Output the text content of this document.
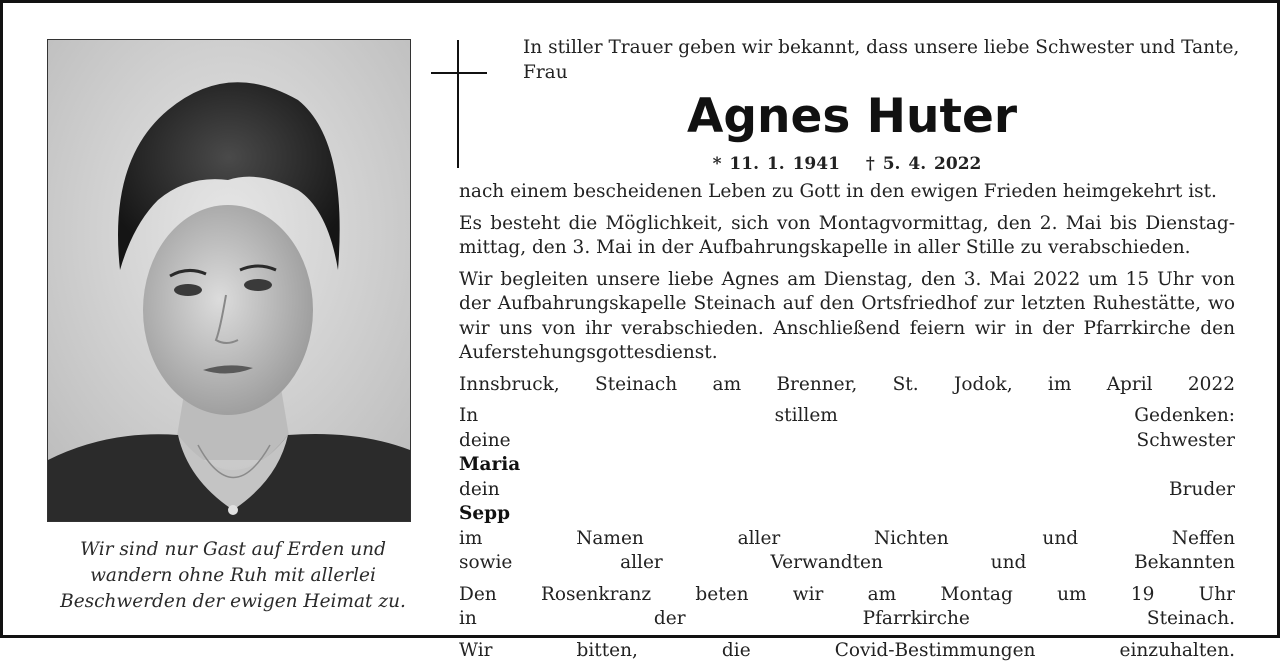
Wir sind nur Gast auf Erden und
wandern ohne Ruh mit allerlei
Beschwerden der ewigen Heimat zu.
In stiller Trauer geben wir bekannt, dass unsere liebe Schwester und Tante,
Frau
Agnes Huter
* 11. 1. 1941 † 5. 4. 2022
nach einem bescheidenen Leben zu Gott in den ewigen Frieden heimgekehrt ist.
Es besteht die Möglichkeit, sich von Montagvormittag, den 2. Mai bis Dienstag-
mittag, den 3. Mai in der Aufbahrungskapelle in aller Stille zu verabschieden.
Wir begleiten unsere liebe Agnes am Dienstag, den 3. Mai 2022 um 15 Uhr von
der Aufbahrungskapelle Steinach auf den Ortsfriedhof zur letzten Ruhestätte, wo
wir uns von ihr verabschieden. Anschließend feiern wir in der Pfarrkirche den
Auferstehungsgottesdienst.
Innsbruck, Steinach am Brenner, St. Jodok, im April 2022
In stillem Gedenken:
deine Schwester
Maria
dein Bruder
Sepp
im Namen aller Nichten und Neffen
sowie aller Verwandten und Bekannten
Den Rosenkranz beten wir am Montag um 19 Uhr
in der Pfarrkirche Steinach.
Wir bitten, die Covid-Bestimmungen einzuhalten.
